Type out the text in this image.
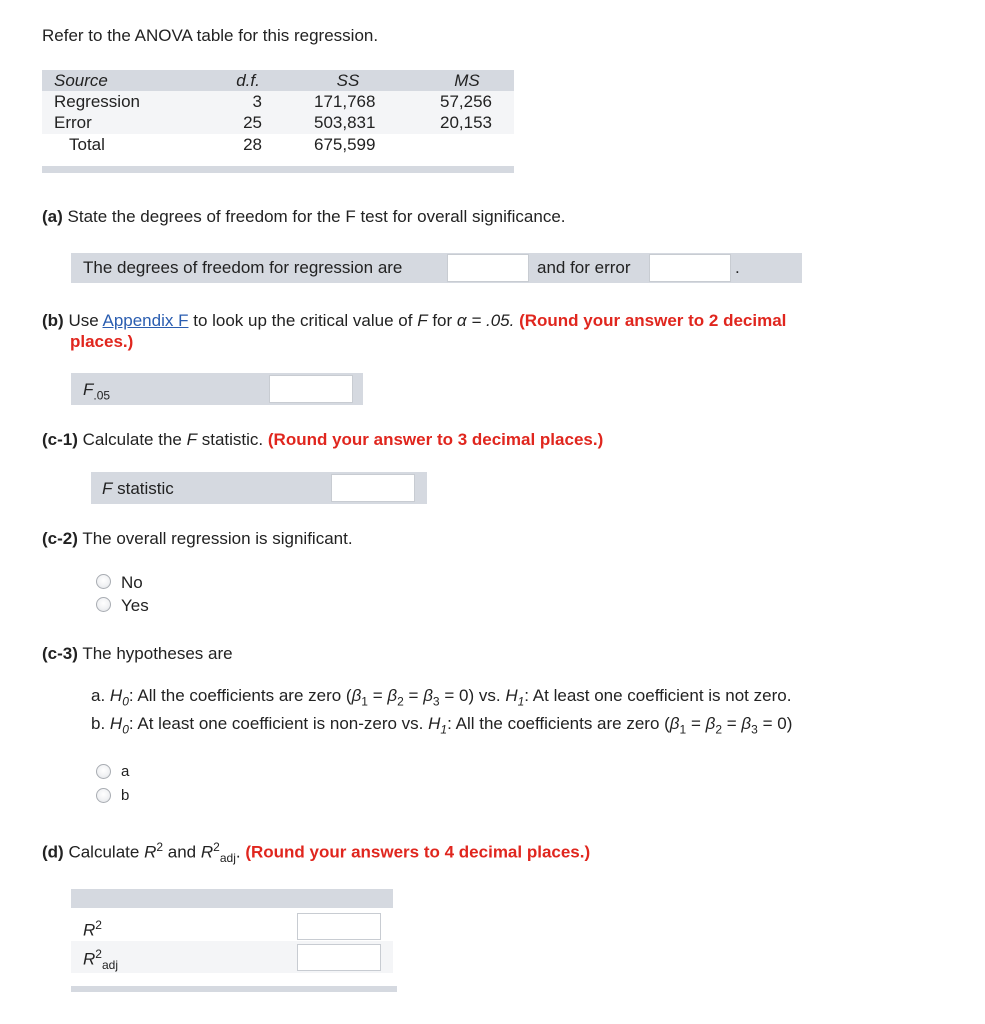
Refer to the ANOVA table for this regression.
Source	d.f.	SS	MS
Regression	3	171,768	57,256
Error	25	503,831	20,153
Total	28	675,599
(a) State the degrees of freedom for the F test for overall significance.
The degrees of freedom for regression are	and for error	.
(b) Use Appendix F to look up the critical value of F for α = .05. (Round your answer to 2 decimal
places.)
$F_{.05}$
(c-1) Calculate the F statistic. (Round your answer to 3 decimal places.)
F statistic
(c-2) The overall regression is significant.
No
Yes
(c-3) The hypotheses are
a. $H_0$: All the coefficients are zero $(\beta_1 = \beta_2 = \beta_3 = 0)$ vs. $H_1$: At least one coefficient is not zero.
b. $H_0$: At least one coefficient is non-zero vs. $H_1$: All the coefficients are zero $(\beta_1 = \beta_2 = \beta_3 = 0)$
a
b
(d) Calculate $R^2$ and $R^2_{adj}$. (Round your answers to 4 decimal places.)
$R^2$
$R^2_{adj}$
